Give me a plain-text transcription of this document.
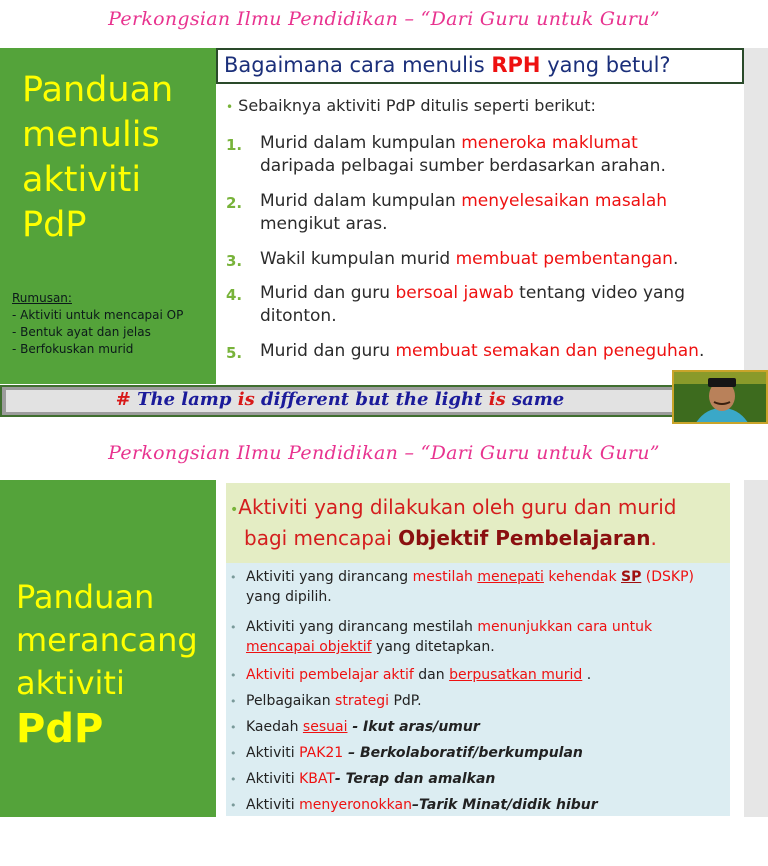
Perkongsian Ilmu Pendidikan – “Dari Guru untuk Guru”
Panduan
menulis
aktiviti
PdP
Rumusan:
- Aktiviti untuk mencapai OP
- Bentuk ayat dan jelas
- Berfokuskan murid
Bagaimana cara menulis RPH yang betul?
• Sebaiknya aktiviti PdP ditulis seperti berikut:
1. Murid dalam kumpulan meneroka maklumat
daripada pelbagai sumber berdasarkan arahan.
2. Murid dalam kumpulan menyelesaikan masalah
mengikut aras.
3. Wakil kumpulan murid membuat pembentangan.
4. Murid dan guru bersoal jawab tentang video yang
ditonton.
5. Murid dan guru membuat semakan dan peneguhan.
# The lamp is different but the light is same
Perkongsian Ilmu Pendidikan – “Dari Guru untuk Guru”
Panduan
merancang
aktiviti
PdP
•Aktiviti yang dilakukan oleh guru dan murid
bagi mencapai Objektif Pembelajaran.
• Aktiviti yang dirancang mestilah menepati kehendak SP (DSKP)
yang dipilih.
• Aktiviti yang dirancang mestilah menunjukkan cara untuk
mencapai objektif yang ditetapkan.
• Aktiviti pembelajar aktif dan berpusatkan murid .
• Pelbagaikan strategi PdP.
• Kaedah sesuai - Ikut aras/umur
• Aktiviti PAK21 – Berkolaboratif/berkumpulan
• Aktiviti KBAT- Terap dan amalkan
• Aktiviti menyeronokkan–Tarik Minat/didik hibur
